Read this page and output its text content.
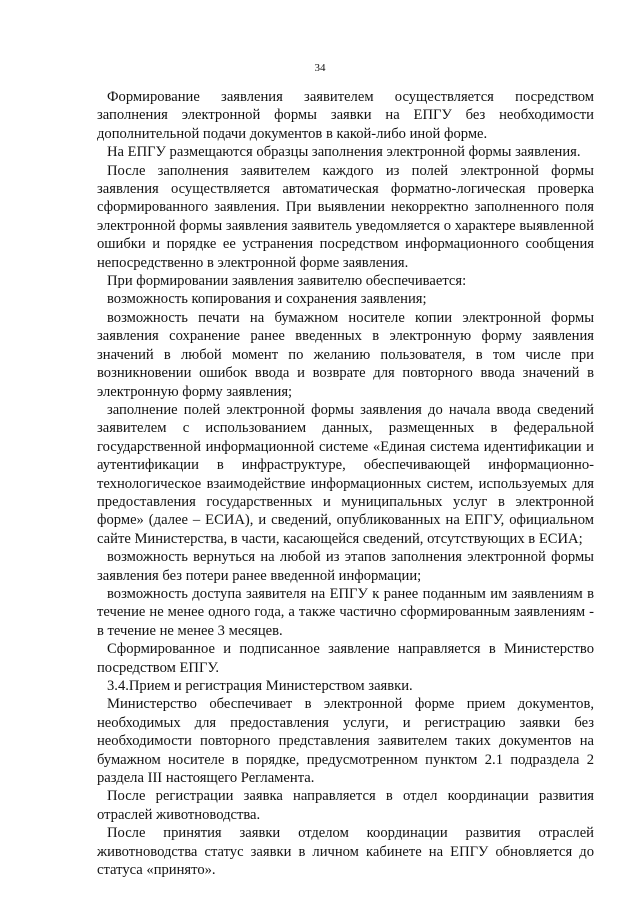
34

Формирование заявления заявителем осуществляется посредством заполнения электронной формы заявки на ЕПГУ без необходимости дополнительной подачи документов в какой-либо иной форме.

На ЕПГУ размещаются образцы заполнения электронной формы заявления.

После заполнения заявителем каждого из полей электронной формы заявления осуществляется автоматическая форматно-логическая проверка сформированного заявления. При выявлении некорректно заполненного поля электронной формы заявления заявитель уведомляется о характере выявленной ошибки и порядке ее устранения посредством информационного сообщения непосредственно в электронной форме заявления.

При формировании заявления заявителю обеспечивается:

возможность копирования и сохранения заявления;

возможность печати на бумажном носителе копии электронной формы заявления сохранение ранее введенных в электронную форму заявления значений в любой момент по желанию пользователя, в том числе при возникновении ошибок ввода и возврате для повторного ввода значений в электронную форму заявления;

заполнение полей электронной формы заявления до начала ввода сведений заявителем с использованием данных, размещенных в федеральной государственной информационной системе «Единая система идентификации и аутентификации в инфраструктуре, обеспечивающей информационно-технологическое взаимодействие информационных систем, используемых для предоставления государственных и муниципальных услуг в электронной форме» (далее – ЕСИА), и сведений, опубликованных на ЕПГУ, официальном сайте Министерства, в части, касающейся сведений, отсутствующих в ЕСИА;

возможность вернуться на любой из этапов заполнения электронной формы заявления без потери ранее введенной информации;

возможность доступа заявителя на ЕПГУ к ранее поданным им заявлениям в течение не менее одного года, а также частично сформированным заявлениям - в течение не менее 3 месяцев.

Сформированное и подписанное заявление направляется в Министерство посредством ЕПГУ.

3.4.Прием и регистрация Министерством заявки.

Министерство обеспечивает в электронной форме прием документов, необходимых для предоставления услуги, и регистрацию заявки без необходимости повторного представления заявителем таких документов на бумажном носителе в порядке, предусмотренном пунктом 2.1 подраздела 2 раздела III настоящего Регламента.

После регистрации заявка направляется в отдел координации развития отраслей животноводства.

После принятия заявки отделом координации развития отраслей животноводства статус заявки в личном кабинете на ЕПГУ обновляется до статуса «принято».
